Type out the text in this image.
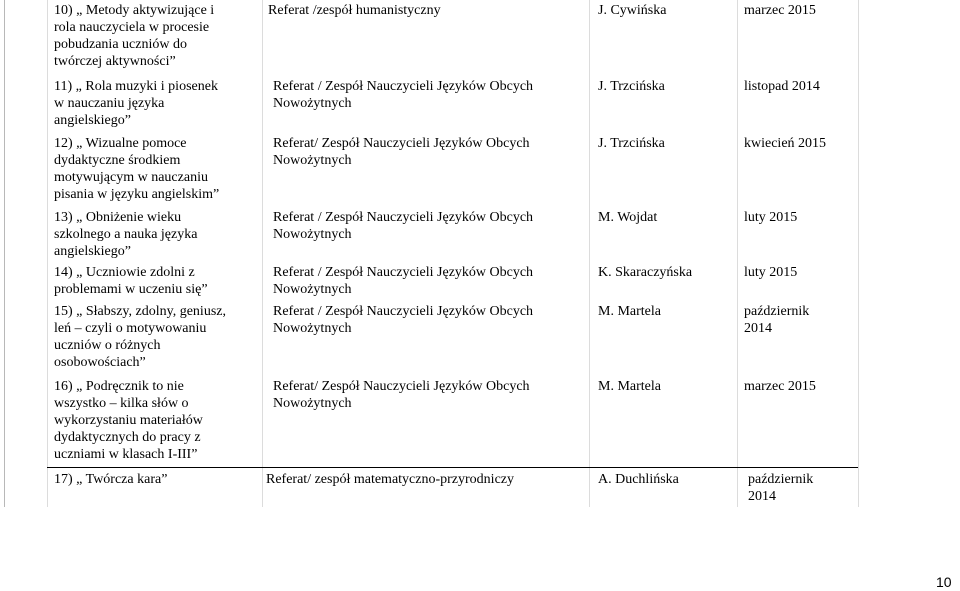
10) „ Metody aktywizujące i
rola nauczyciela w procesie
pobudzania uczniów do
twórczej aktywności”
Referat /zespół humanistyczny	J. Cywińska	marzec 2015
11) „ Rola muzyki i piosenek
w nauczaniu języka
angielskiego”
Referat / Zespół Nauczycieli Języków Obcych
Nowożytnych
J. Trzcińska	listopad 2014
12) „ Wizualne pomoce
dydaktyczne środkiem
motywującym w nauczaniu
pisania w języku angielskim”
Referat/ Zespół Nauczycieli Języków Obcych
Nowożytnych
J. Trzcińska	kwiecień 2015
13) „ Obniżenie wieku
szkolnego a nauka języka
angielskiego”
Referat / Zespół Nauczycieli Języków Obcych
Nowożytnych
M. Wojdat	luty 2015
14) „ Uczniowie zdolni z
problemami w uczeniu się”
Referat / Zespół Nauczycieli Języków Obcych
Nowożytnych
K. Skaraczyńska	luty 2015
15) „ Słabszy, zdolny, geniusz,
leń – czyli o motywowaniu
uczniów o różnych
osobowościach”
Referat / Zespół Nauczycieli Języków Obcych
Nowożytnych
M. Martela	październik
2014
16) „ Podręcznik to nie
wszystko – kilka słów o
wykorzystaniu materiałów
dydaktycznych do pracy z
uczniami w klasach I-III”
Referat/ Zespół Nauczycieli Języków Obcych
Nowożytnych
M. Martela	marzec 2015
17) „ Twórcza kara”	Referat/ zespół matematyczno-przyrodniczy	A. Duchlińska	październik
2014
10
